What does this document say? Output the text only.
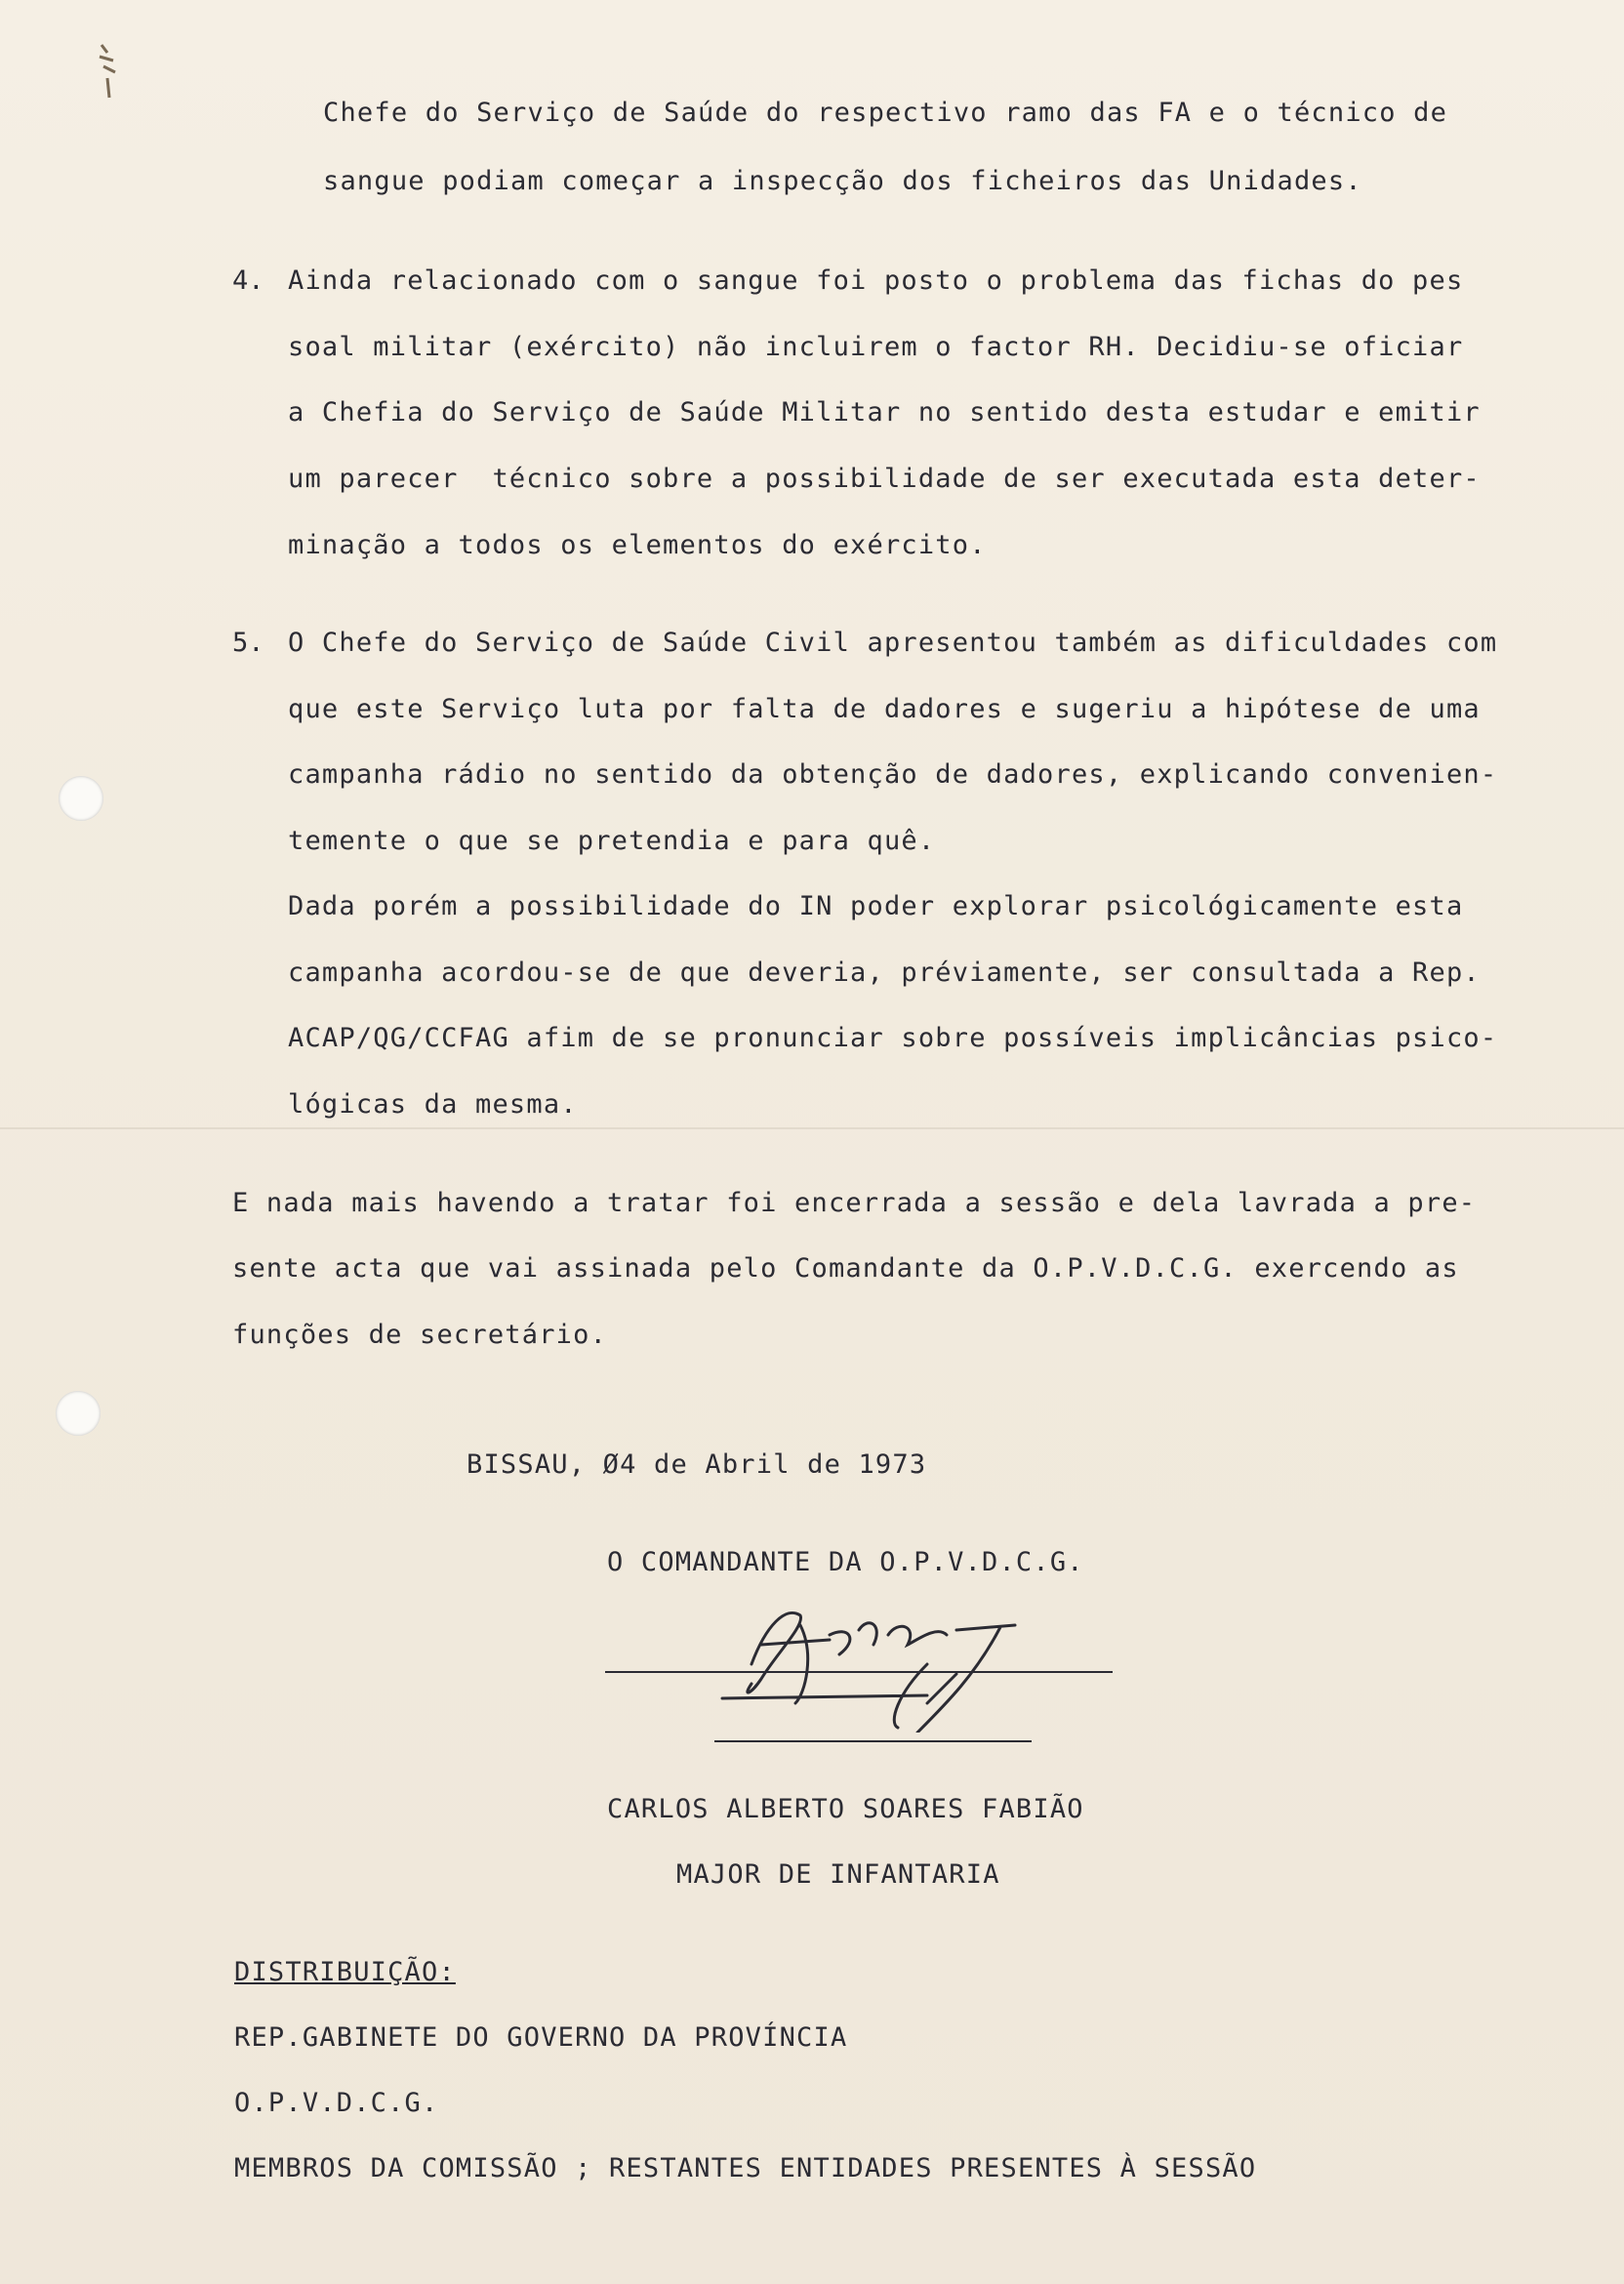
Chefe do Serviço de Saúde do respectivo ramo das FA e o técnico de
sangue podiam começar a inspecção dos ficheiros das Unidades.
4. Ainda relacionado com o sangue foi posto o problema das fichas do pes
soal militar (exército) não incluirem o factor RH. Decidiu-se oficiar
a Chefia do Serviço de Saúde Militar no sentido desta estudar e emitir
um parecer  técnico sobre a possibilidade de ser executada esta deter-
minação a todos os elementos do exército.
5. O Chefe do Serviço de Saúde Civil apresentou também as dificuldades com
que este Serviço luta por falta de dadores e sugeriu a hipótese de uma
campanha rádio no sentido da obtenção de dadores, explicando convenien-
temente o que se pretendia e para quê.
Dada porém a possibilidade do IN poder explorar psicológicamente esta
campanha acordou-se de que deveria, préviamente, ser consultada a Rep.
ACAP/QG/CCFAG afim de se pronunciar sobre possíveis implicâncias psico-
lógicas da mesma.
E nada mais havendo a tratar foi encerrada a sessão e dela lavrada a pre-
sente acta que vai assinada pelo Comandante da O.P.V.D.C.G. exercendo as
funções de secretário.
BISSAU, Ø4 de Abril de 1973
O COMANDANTE DA O.P.V.D.C.G.
CARLOS ALBERTO SOARES FABIÃO
MAJOR DE INFANTARIA
DISTRIBUIÇÃO:
REP.GABINETE DO GOVERNO DA PROVÍNCIA
O.P.V.D.C.G.
MEMBROS DA COMISSÃO ; RESTANTES ENTIDADES PRESENTES À SESSÃO
